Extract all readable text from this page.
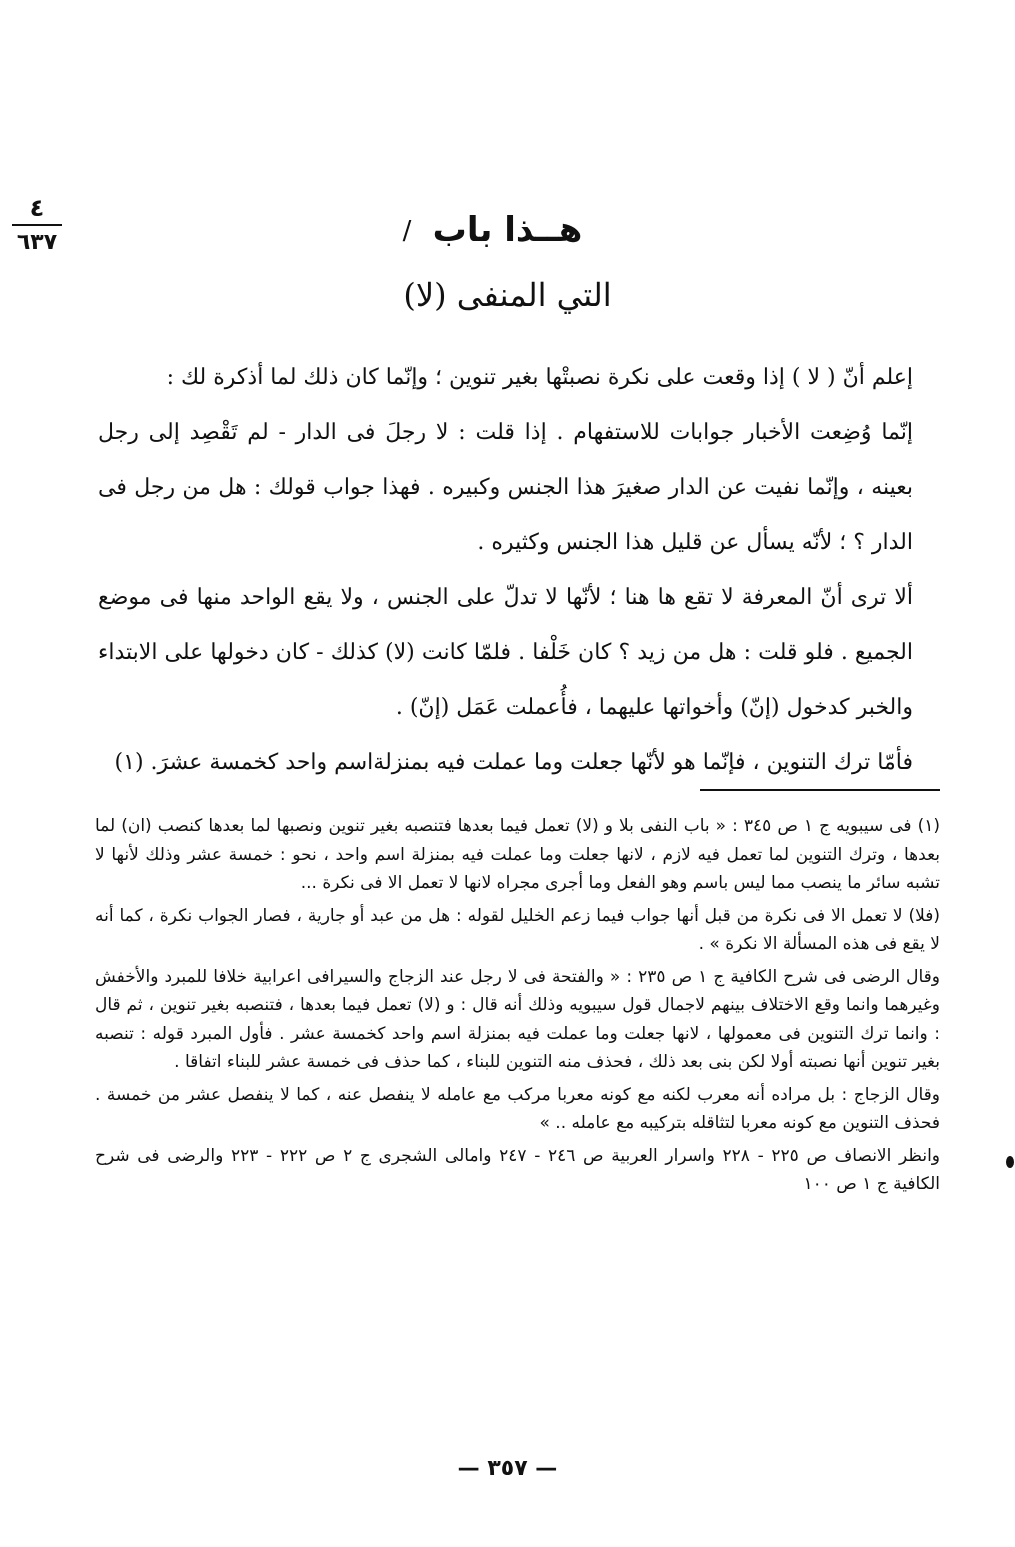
٤
٦٣٧	/ هــذا باب
(لا) التي المنفى

إعلم أنّ ( لا ) إذا وقعت على نكرة نصبتْها بغير تنوين ؛ وإنّما كان ذلك لما أذكرة لك :

إنّما وُضِعت الأخبار جوابات للاستفهام . إذا قلت : لا رجلَ فى الدار - لم تَقْصِد إلى رجل بعينه ، وإنّما نفيت عن الدار صغيرَ هذا الجنس وكبيره . فهذا جواب قولك : هل من رجل فى الدار ؟ ؛ لأنّه يسأل عن قليل هذا الجنس وكثيره .

ألا ترى أنّ المعرفة لا تقع ها هنا ؛ لأنّها لا تدلّ على الجنس ، ولا يقع الواحد منها فى موضع الجميع . فلو قلت : هل من زيد ؟ كان خَلْفا . فلمّا كانت (لا) كذلك - كان دخولها على الابتداء والخبر كدخول (إنّ) وأخواتها عليهما ، فأُعملت عَمَل (إنّ) .

فأمّا ترك التنوين ، فإنّما هو لأنّها جعلت وما عملت فيه بمنزلةاسم واحد كخمسة عشرَ. (١)

(١) فى سيبويه ج ١ ص ٣٤٥ : « باب النفى بلا و (لا) تعمل فيما بعدها فتنصبه بغير تنوين ونصبها لما بعدها كنصب (ان) لما بعدها ، وترك التنوين لما تعمل فيه لازم ، لانها جعلت وما عملت فيه بمنزلة اسم واحد ، نحو : خمسة عشر وذلك لأنها لا تشبه سائر ما ينصب مما ليس باسم وهو الفعل وما أجرى مجراه لانها لا تعمل الا فى نكرة ...

(فلا) لا تعمل الا فى نكرة من قبل أنها جواب فيما زعم الخليل لقوله : هل من عبد أو جارية ، فصار الجواب نكرة ، كما أنه لا يقع فى هذه المسألة الا نكرة » .

وقال الرضى فى شرح الكافية ج ١ ص ٢٣٥ : « والفتحة فى لا رجل عند الزجاج والسيرافى اعرابية خلافا للمبرد والأخفش وغيرهما وانما وقع الاختلاف بينهم لاجمال قول سيبويه وذلك أنه قال : و (لا) تعمل فيما بعدها ، فتنصبه بغير تنوين ، ثم قال : وانما ترك التنوين فى معمولها ، لانها جعلت وما عملت فيه بمنزلة اسم واحد كخمسة عشر . فأول المبرد قوله : تنصبه بغير تنوين أنها نصبته أولا لكن بنى بعد ذلك ، فحذف منه التنوين للبناء ، كما حذف فى خمسة عشر للبناء اتفاقا .

وقال الزجاج : بل مراده أنه معرب لكنه مع كونه معربا مركب مع عامله لا ينفصل عنه ، كما لا ينفصل عشر من خمسة . فحذف التنوين مع كونه معربا لتثاقله بتركيبه مع عامله .. »

وانظر الانصاف ص ٢٢٥ - ٢٢٨ واسرار العربية ص ٢٤٦ - ٢٤٧ وامالى الشجرى ج ٢ ص ٢٢٢ - ٢٢٣ والرضى فى شرح الكافية ج ١ ص ١٠٠

— ٣٥٧ —
